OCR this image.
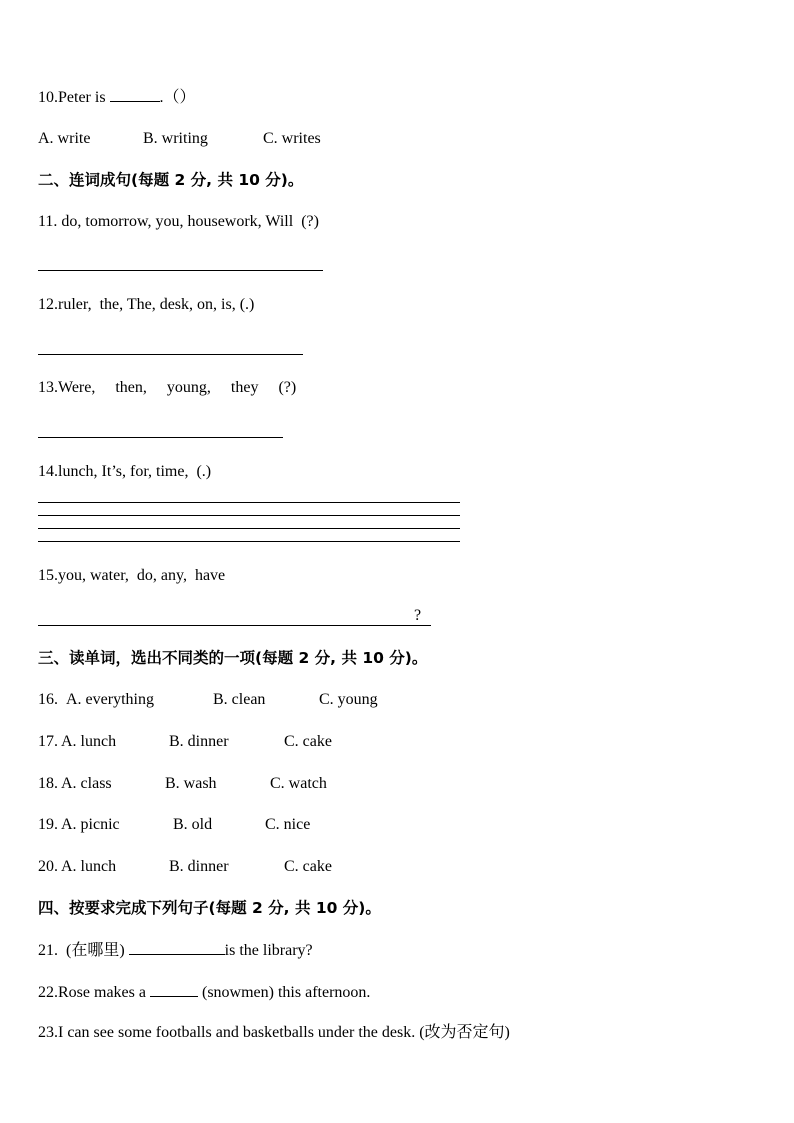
10.Peter is	.（）
A. write	B. writing	C. writes
二、连词成句(每题 2 分, 共 10 分)。
11. do, tomorrow, you, housework, Will  (?)
12.ruler,  the, The, desk, on, is, (.)
13.Were,     then,     young,     they     (?)
14.lunch, It’s, for, time,  (.)
15.you, water,  do, any,  have
?
三、读单词，选出不同类的一项(每题 2 分, 共 10 分)。
16. A. everything	B. clean	C. young
17. A. lunch	B. dinner	C. cake
18. A. class	B. wash	C. watch
19. A. picnic	B. old	C. nice
20. A. lunch	B. dinner	C. cake
四、按要求完成下列句子(每题 2 分, 共 10 分)。
21.  (在哪里)	is the library?
22.Rose makes a	(snowmen) this afternoon.
23.I can see some footballs and basketballs under the desk. (改为否定句)
